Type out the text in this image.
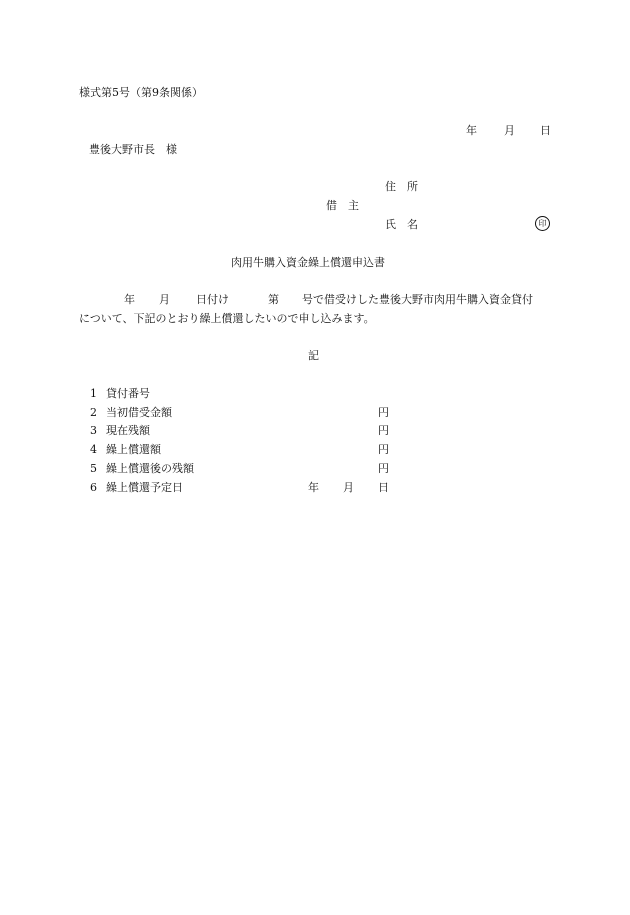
様式第5号（第9条関係）
年 月 日
豊後大野市長　様
住　所
借　主
氏　名	印
肉用牛購入資金繰上償還申込書
年 月 日付け	第 号で借受けした豊後大野市肉用牛購入資金貸付
について、下記のとおり繰上償還したいので申し込みます。
記
1 貸付番号
2 当初借受金額	円
3 現在残額	円
4 繰上償還額	円
5 繰上償還後の残額	円
6 繰上償還予定日	年 月 日
